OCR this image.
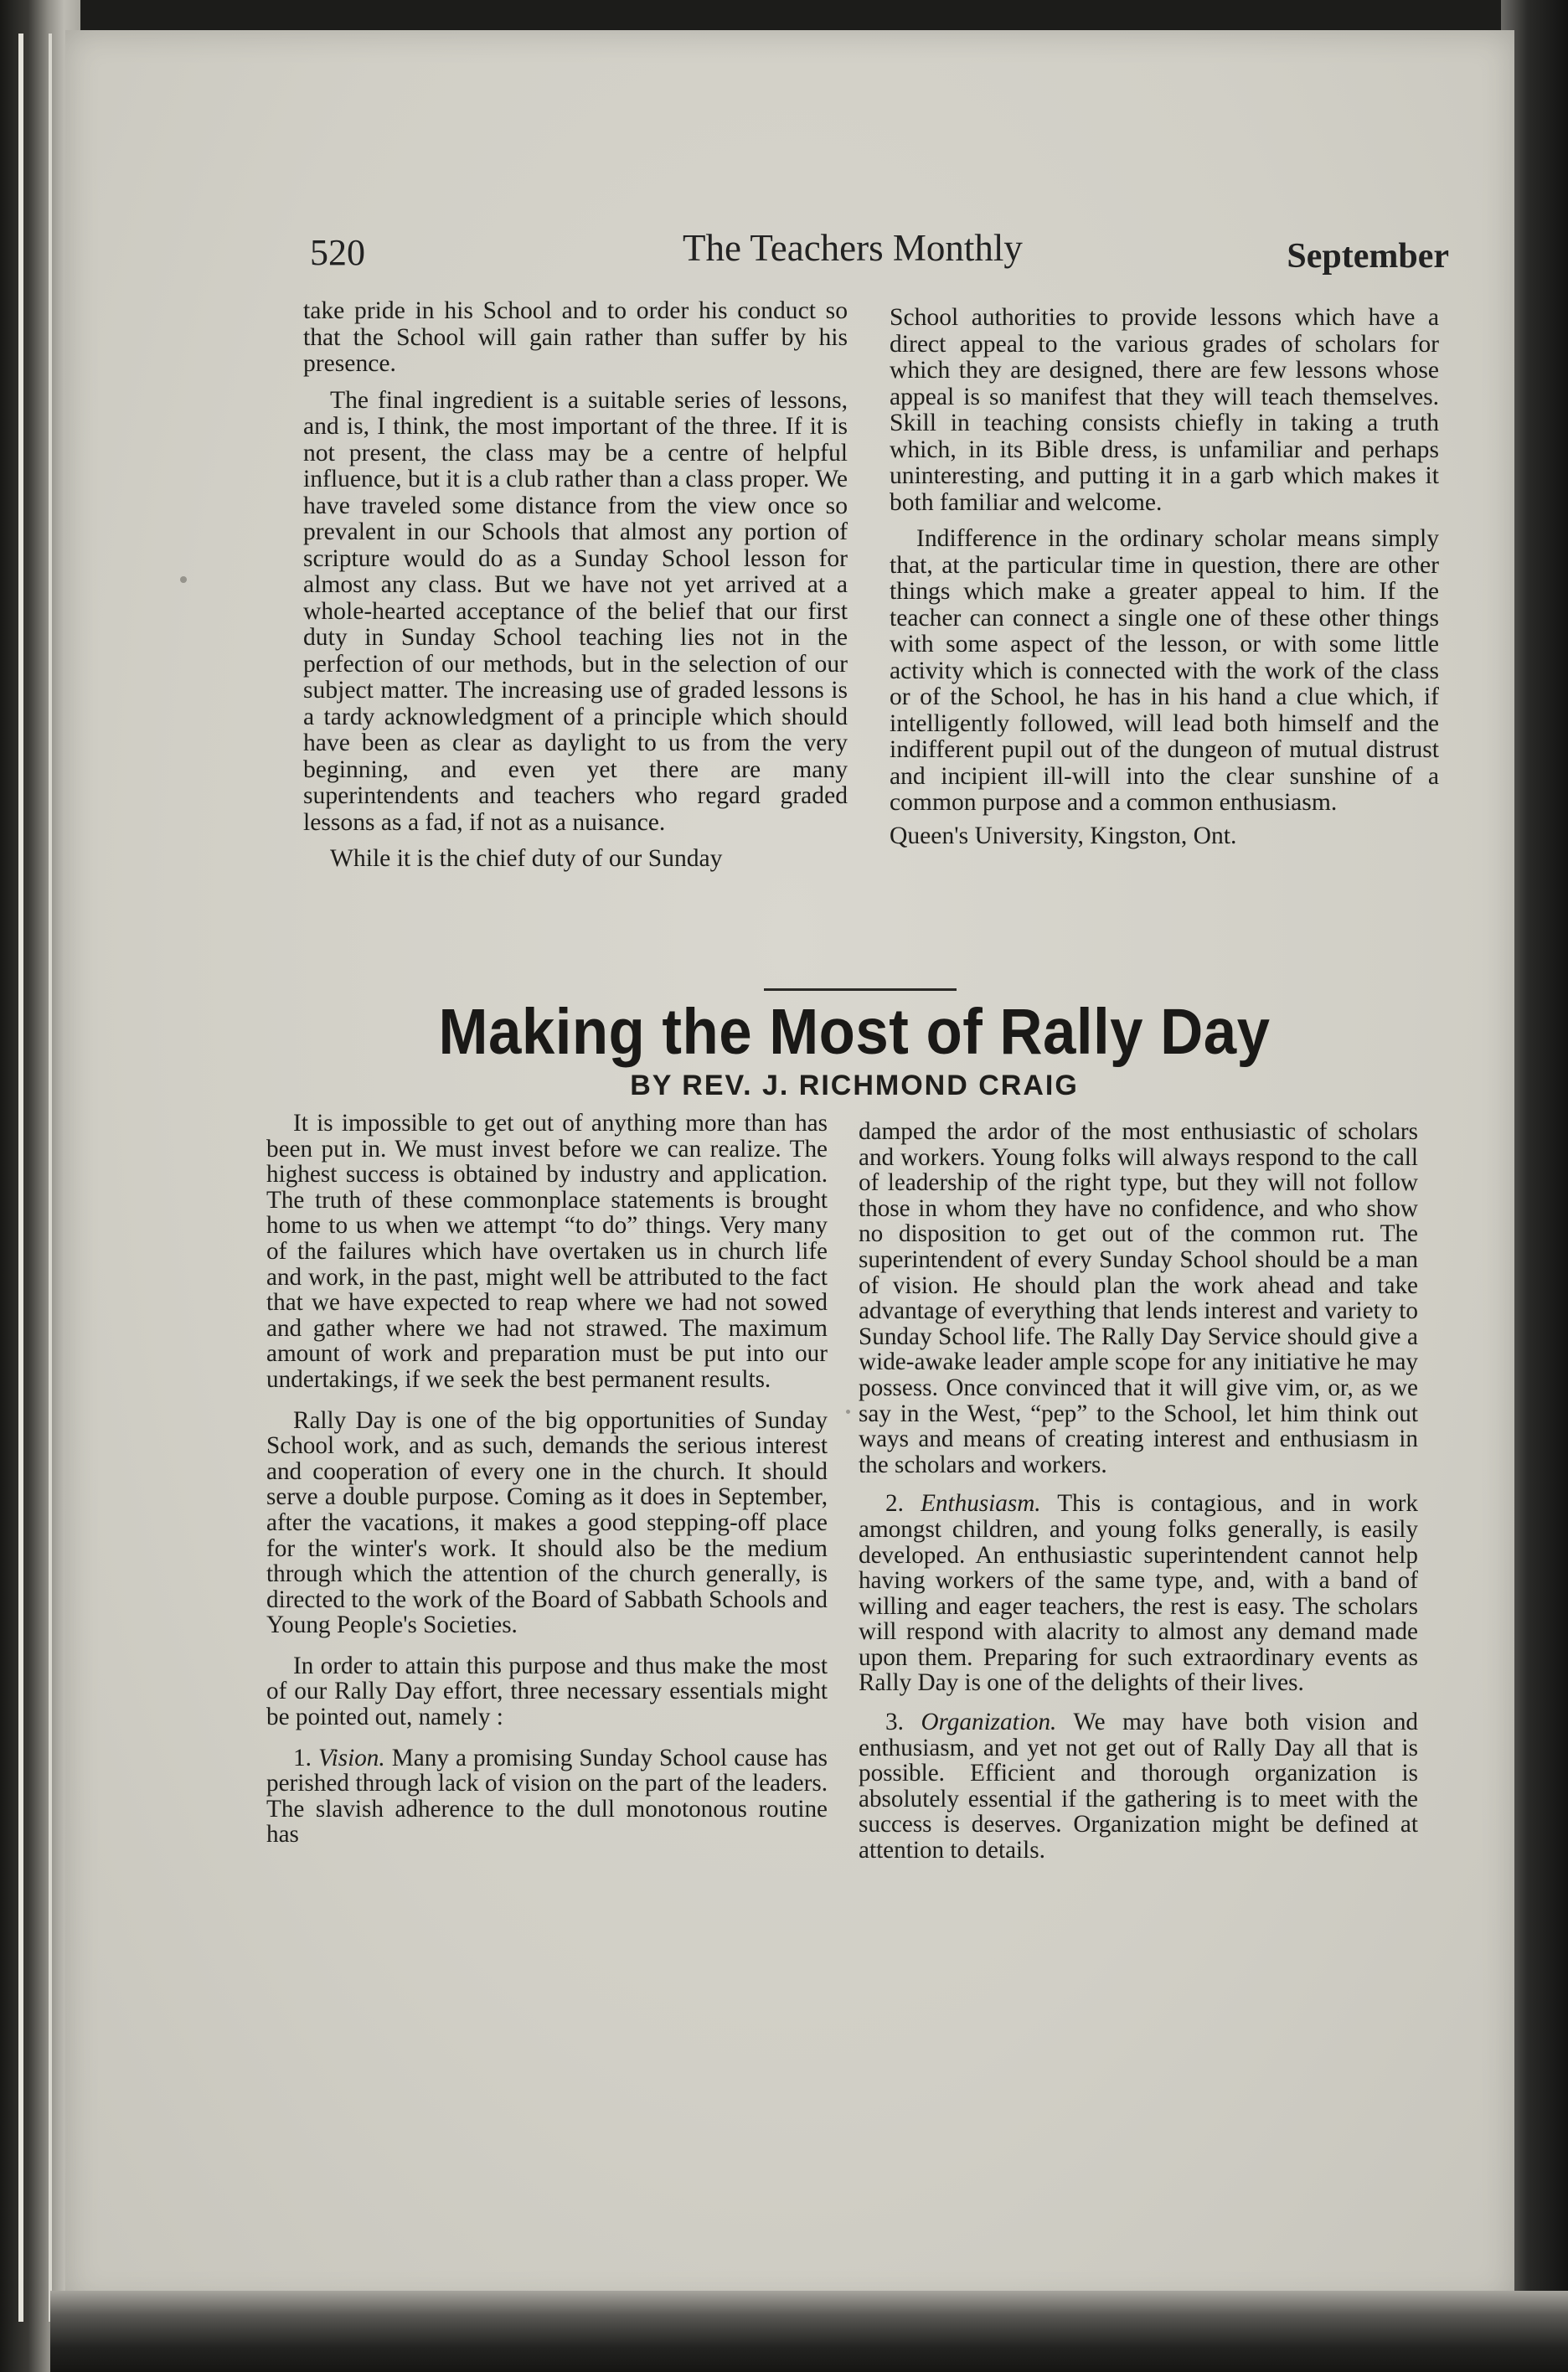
520	The Teachers Monthly	September

take pride in his School and to order his conduct so that the School will gain rather than suffer by his presence.

The final ingredient is a suitable series of lessons, and is, I think, the most important of the three. If it is not present, the class may be a centre of helpful influence, but it is a club rather than a class proper. We have traveled some distance from the view once so prevalent in our Schools that almost any portion of scripture would do as a Sunday School lesson for almost any class. But we have not yet arrived at a whole-hearted acceptance of the belief that our first duty in Sunday School teaching lies not in the perfection of our methods, but in the selection of our subject matter. The increasing use of graded lessons is a tardy acknowledgment of a principle which should have been as clear as daylight to us from the very beginning, and even yet there are many superintendents and teachers who regard graded lessons as a fad, if not as a nuisance.

While it is the chief duty of our Sunday

School authorities to provide lessons which have a direct appeal to the various grades of scholars for which they are designed, there are few lessons whose appeal is so manifest that they will teach themselves. Skill in teaching consists chiefly in taking a truth which, in its Bible dress, is unfamiliar and perhaps uninteresting, and putting it in a garb which makes it both familiar and welcome.

Indifference in the ordinary scholar means simply that, at the particular time in question, there are other things which make a greater appeal to him. If the teacher can connect a single one of these other things with some aspect of the lesson, or with some little activity which is connected with the work of the class or of the School, he has in his hand a clue which, if intelligently followed, will lead both himself and the indifferent pupil out of the dungeon of mutual distrust and incipient ill-will into the clear sunshine of a common purpose and a common enthusiasm.

Queen's University, Kingston, Ont.

Making the Most of Rally Day
BY REV. J. RICHMOND CRAIG

It is impossible to get out of anything more than has been put in. We must invest before we can realize. The highest success is obtained by industry and application. The truth of these commonplace statements is brought home to us when we attempt “to do” things. Very many of the failures which have overtaken us in church life and work, in the past, might well be attributed to the fact that we have expected to reap where we had not sowed and gather where we had not strawed. The maximum amount of work and preparation must be put into our undertakings, if we seek the best permanent results.

Rally Day is one of the big opportunities of Sunday School work, and as such, demands the serious interest and cooperation of every one in the church. It should serve a double purpose. Coming as it does in September, after the vacations, it makes a good stepping-off place for the winter's work. It should also be the medium through which the attention of the church generally, is directed to the work of the Board of Sabbath Schools and Young People's Societies.

In order to attain this purpose and thus make the most of our Rally Day effort, three necessary essentials might be pointed out, namely :

1. Vision. Many a promising Sunday School cause has perished through lack of vision on the part of the leaders. The slavish adherence to the dull monotonous routine has

damped the ardor of the most enthusiastic of scholars and workers. Young folks will always respond to the call of leadership of the right type, but they will not follow those in whom they have no confidence, and who show no disposition to get out of the common rut. The superintendent of every Sunday School should be a man of vision. He should plan the work ahead and take advantage of everything that lends interest and variety to Sunday School life. The Rally Day Service should give a wide-awake leader ample scope for any initiative he may possess. Once convinced that it will give vim, or, as we say in the West, “pep” to the School, let him think out ways and means of creating interest and enthusiasm in the scholars and workers.

2. Enthusiasm. This is contagious, and in work amongst children, and young folks generally, is easily developed. An enthusiastic superintendent cannot help having workers of the same type, and, with a band of willing and eager teachers, the rest is easy. The scholars will respond with alacrity to almost any demand made upon them. Preparing for such extraordinary events as Rally Day is one of the delights of their lives.

3. Organization. We may have both vision and enthusiasm, and yet not get out of Rally Day all that is possible. Efficient and thorough organization is absolutely essential if the gathering is to meet with the success is deserves. Organization might be defined at attention to details.
